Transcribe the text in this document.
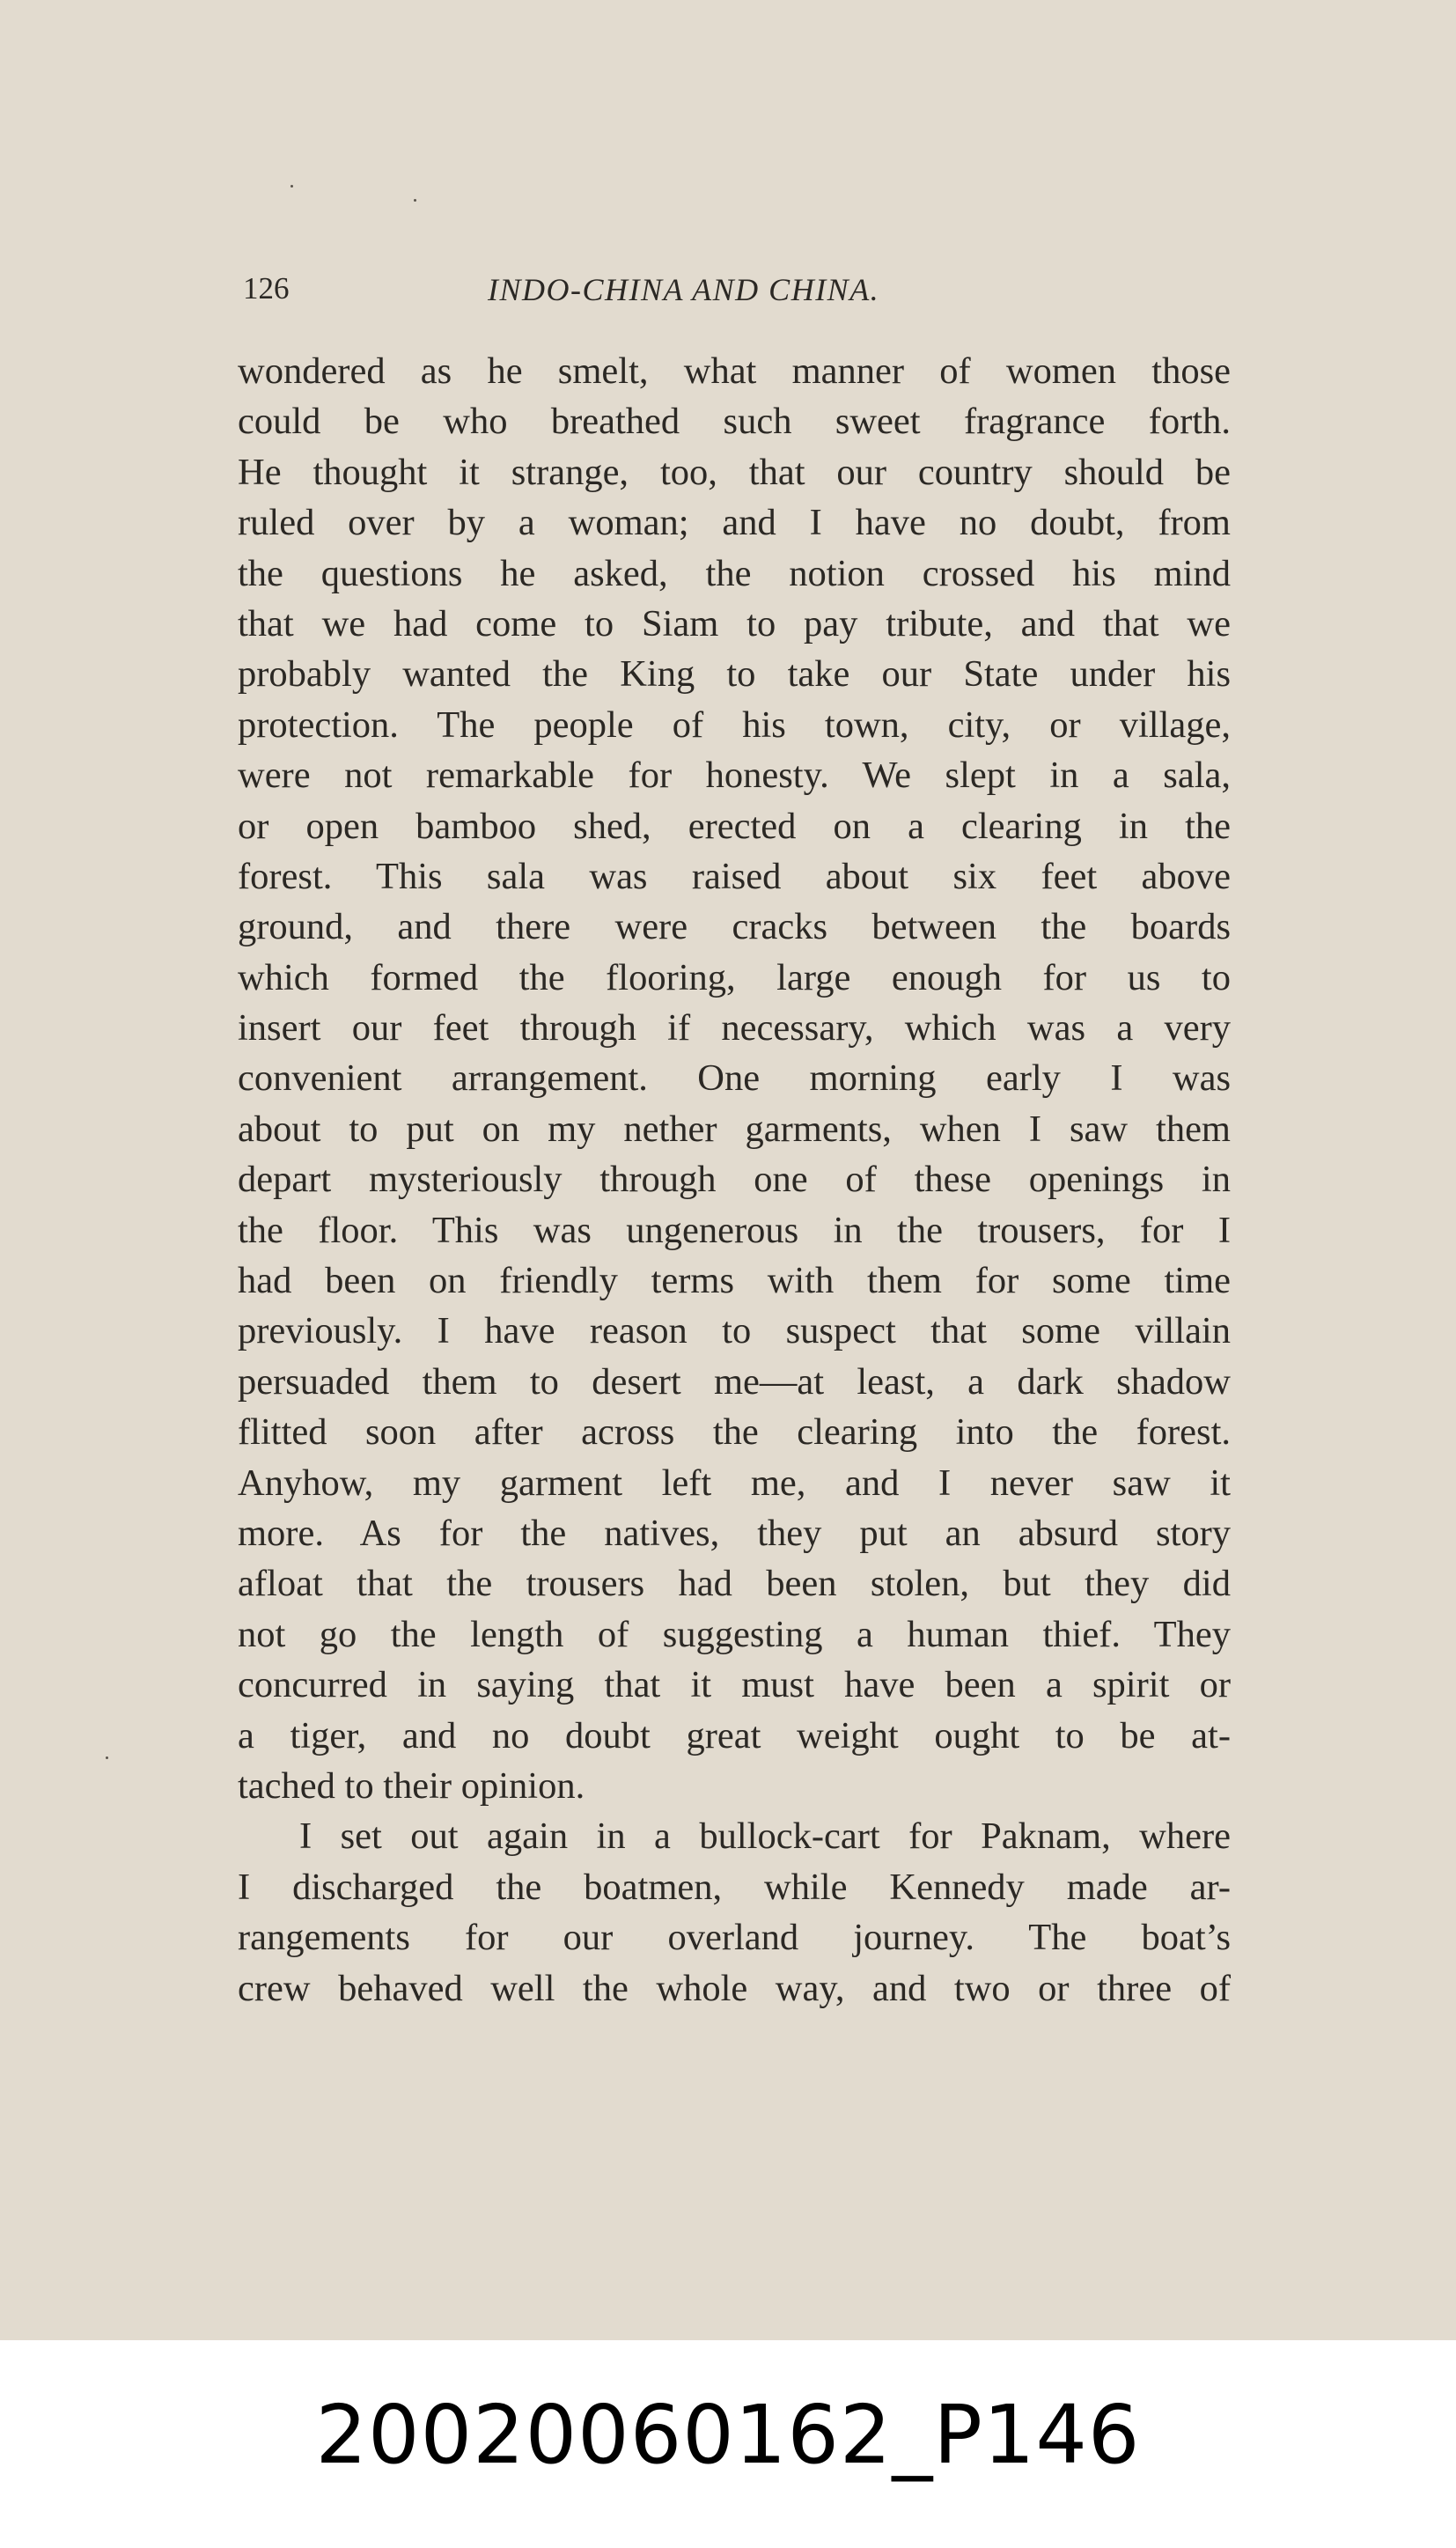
126	INDO-CHINA AND CHINA.
wondered as he smelt, what manner of women those
could be who breathed such sweet fragrance forth.
He thought it strange, too, that our country should be
ruled over by a woman; and I have no doubt, from
the questions he asked, the notion crossed his mind
that we had come to Siam to pay tribute, and that we
probably wanted the King to take our State under his
protection. The people of his town, city, or village,
were not remarkable for honesty. We slept in a sala,
or open bamboo shed, erected on a clearing in the
forest. This sala was raised about six feet above
ground, and there were cracks between the boards
which formed the flooring, large enough for us to
insert our feet through if necessary, which was a very
convenient arrangement. One morning early I was
about to put on my nether garments, when I saw them
depart mysteriously through one of these openings in
the floor. This was ungenerous in the trousers, for I
had been on friendly terms with them for some time
previously. I have reason to suspect that some villain
persuaded them to desert me—at least, a dark shadow
flitted soon after across the clearing into the forest.
Anyhow, my garment left me, and I never saw it
more. As for the natives, they put an absurd story
afloat that the trousers had been stolen, but they did
not go the length of suggesting a human thief. They
concurred in saying that it must have been a spirit or
a tiger, and no doubt great weight ought to be at-
tached to their opinion.
I set out again in a bullock-cart for Paknam, where
I discharged the boatmen, while Kennedy made ar-
rangements for our overland journey. The boat’s
crew behaved well the whole way, and two or three of
20020060162_P146
